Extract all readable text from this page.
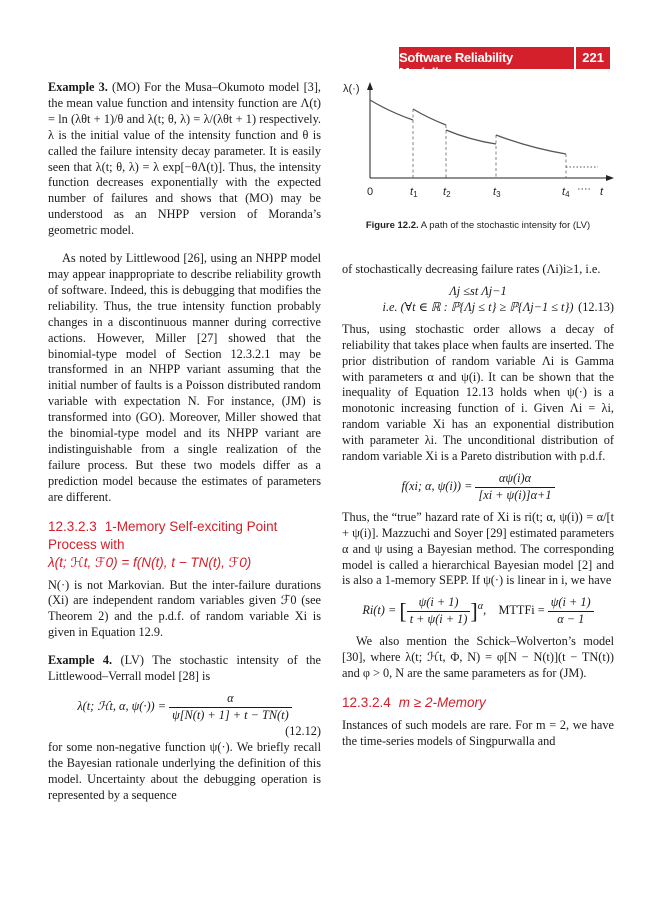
Software Reliability Modeling
221
λ(·)
0	t1 t2	t3	t4	t
Figure 12.2. A path of the stochastic intensity for (LV)

Example 3. (MO) For the Musa–Okumoto model [3], the mean value function and intensity function are Λ(t) = ln (λθt + 1)/θ and λ(t; θ, λ) = λ/(λθt + 1) respectively. λ is the initial value of the intensity function and θ is called the failure intensity decay parameter. It is easily seen that λ(t; θ, λ) = λ exp[−θΛ(t)]. Thus, the intensity function decreases exponentially with the expected number of failures and shows that (MO) may be understood as an NHPP version of Moranda’s geometric model.

As noted by Littlewood [26], using an NHPP model may appear inappropriate to describe reliability growth of software. Indeed, this is debugging that modifies the reliability. Thus, the true intensity function probably changes in a discontinuous manner during corrective actions. However, Miller [27] showed that the binomial-type model of Section 12.3.2.1 may be transformed in an NHPP variant assuming that the initial number of faults is a Poisson distributed random variable with expectation N. For instance, (JM) is transformed into (GO). Moreover, Miller showed that the binomial-type model and its NHPP variant are indistinguishable from a single realization of the failure process. But these two models differ as a prediction model because the estimates of parameters are different.

12.3.2.3 1-Memory Self-exciting Point
Process with
λ(t; ℋt, ℱ0) = f(N(t), t − TN(t), ℱ0)

N(·) is not Markovian. But the inter-failure durations (Xi) are independent random variables given ℱ0 (see Theorem 2) and the p.d.f. of random variable Xi is given in Equation 12.9.

Example 4. (LV) The stochastic intensity of the Littlewood–Verrall model [28] is

λ(t; ℋt, α, $\psi(\cdot)) = \frac{\alpha}{\psi[N(t) + 1] + t - TN(t)}$
(12.12)

for some non-negative function ψ(·). We briefly recall the Bayesian rationale underlying the definition of this model. Uncertainty about the debugging operation is represented by a sequence

of stochastically decreasing failure rates (Λi)i≥1, i.e.

Λj ≤st Λj−1
i.e. (∀t ∈ ℝ : ℙ{Λj ≤ t} ≥ ℙ{Λj−1 ≤ t}) (12.13)

Thus, using stochastic order allows a decay of reliability that takes place when faults are inserted. The prior distribution of random variable Λi is Gamma with parameters α and ψ(i). It can be shown that the inequality of Equation 12.13 holds when ψ(·) is a monotonic increasing function of i. Given Λi = λi, random variable Xi has an exponential distribution with parameter λi. The unconditional distribution of random variable Xi is a Pareto distribution with p.d.f.

f(xi; α, $\psi(i)) = \frac{\alpha\psi(i)\alpha}{[xi + \psi(i)]\alpha+1}$

Thus, the “true” hazard rate of Xi is ri(t; α, ψ(i)) = α/[t + ψ(i)]. Mazzuchi and Soyer [29] estimated parameters α and ψ using a Bayesian method. The corresponding model is called a hierarchical Bayesian model [2] and is also a 1-memory SEPP. If ψ(·) is linear in i, we have

Ri(t) = [ $\frac{\psi(i + 1)}{t + \psi(i + 1)} ]^\alpha$,    MTTFi = $\frac{\psi(i + 1)}{\alpha - 1}$

We also mention the Schick–Wolverton’s model [30], where λ(t; ℋt, Φ, N) = φ[N − N(t)](t − TN(t)) and φ > 0, N are the same parameters as for (JM).

12.3.2.4 m ≥ 2-Memory

Instances of such models are rare. For m = 2, we have the time-series models of Singpurwalla and
